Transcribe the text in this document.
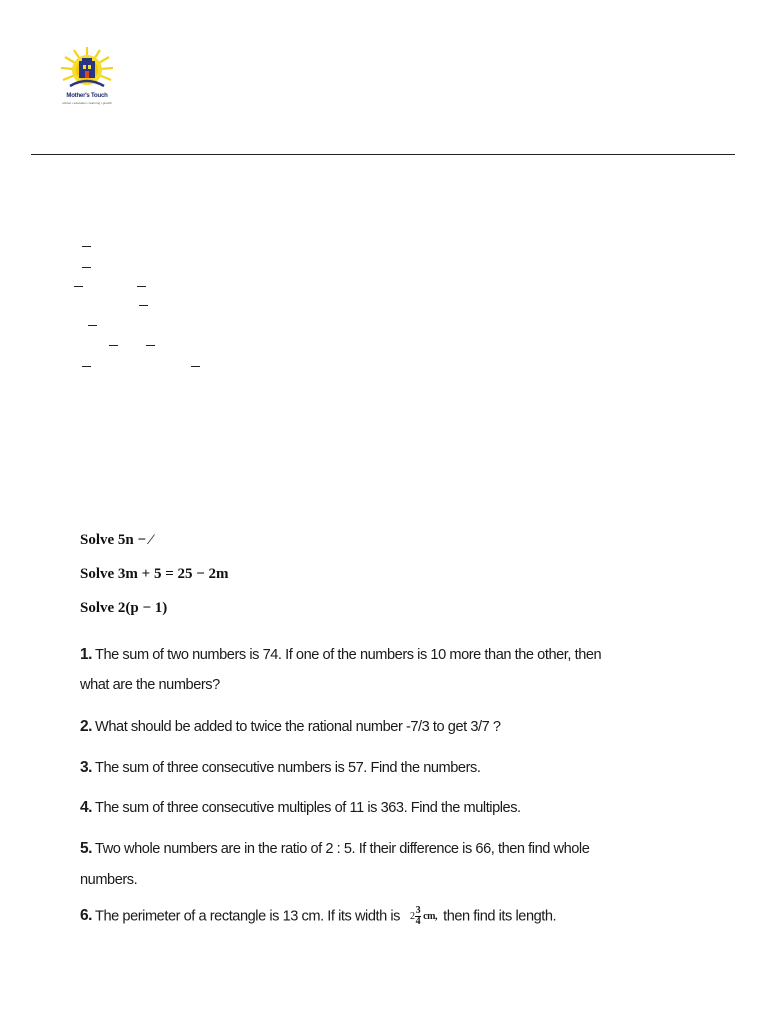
Mother's Touch
school • education • learning • growth
Solve 5n − ⁄
Solve 3m + 5 = 25 − 2m
Solve 2(p − 1)
1. The sum of two numbers is 74. If one of the numbers is 10 more than the other, then
what are the numbers?
2. What should be added to twice the rational number -7/3 to get 3/7 ?
3. The sum of three consecutive numbers is 57. Find the numbers.
4. The sum of three consecutive multiples of 11 is 363. Find the multiples.
5. Two whole numbers are in the ratio of 2 : 5. If their difference is 66, then find whole
numbers.
6. The perimeter of a rectangle is 13 cm. If its width is $2 \frac{3}{4}$ cm, then find its length.
